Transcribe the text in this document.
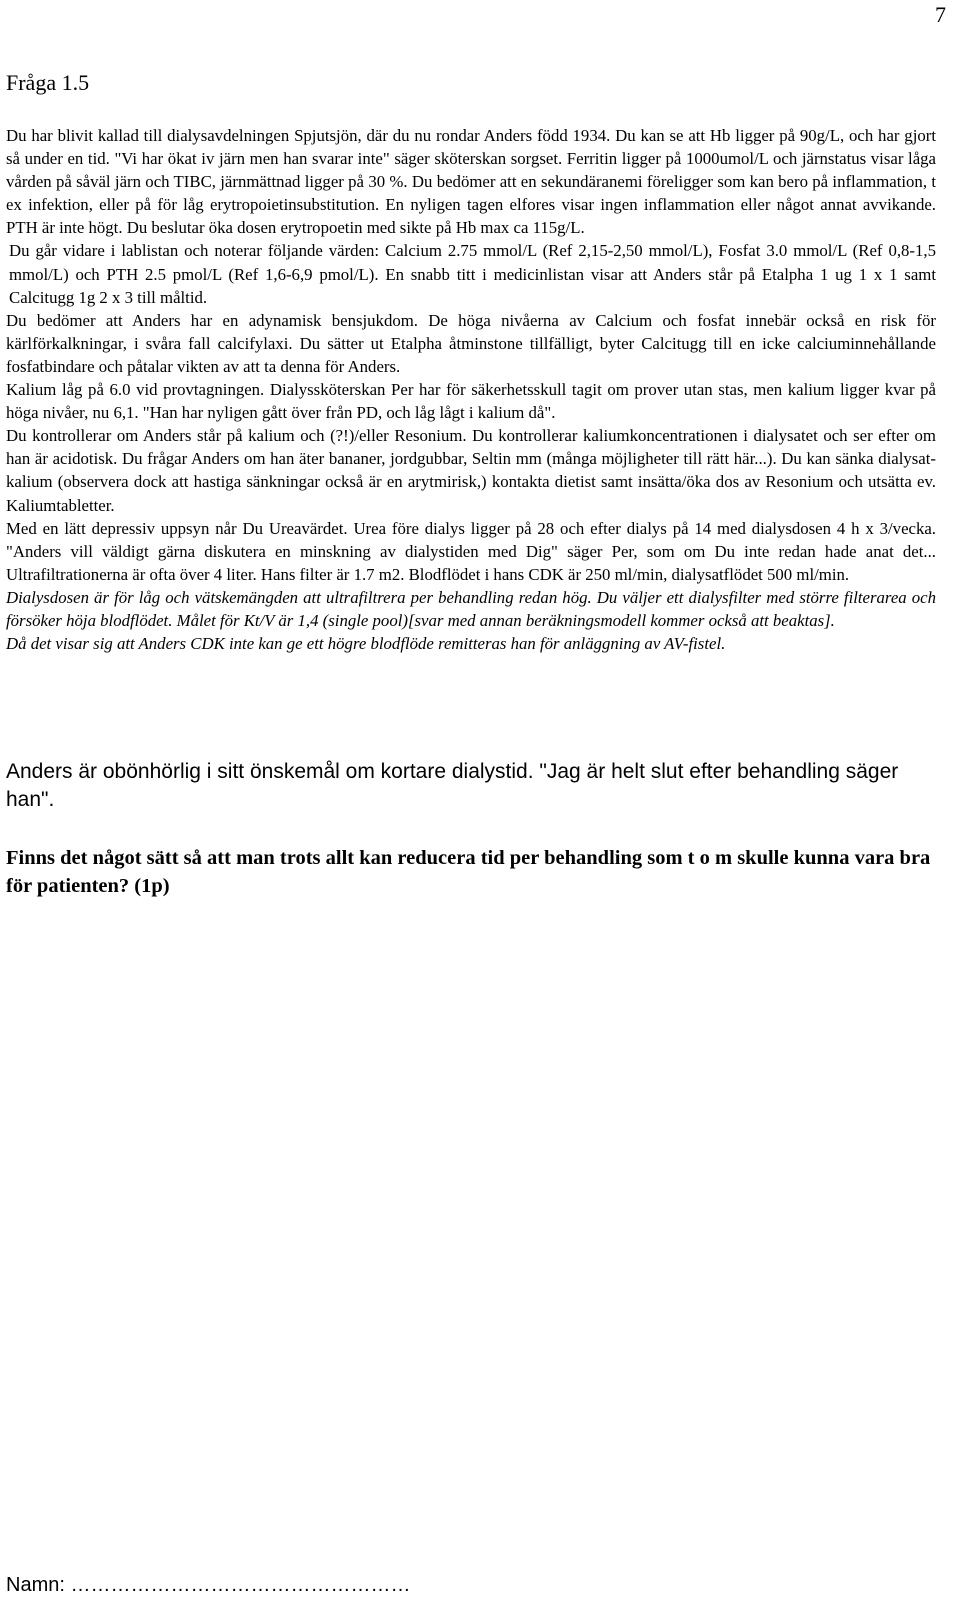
7
Fråga 1.5

Du har blivit kallad till dialysavdelningen Spjutsjön, där du nu rondar Anders född 1934. Du kan se att Hb ligger på 90g/L, och har gjort så under en tid. "Vi har ökat iv järn men han svarar inte" säger sköterskan sorgset. Ferritin ligger på 1000umol/L och järnstatus visar låga vården på såväl järn och TIBC, järnmättnad ligger på 30 %. Du bedömer att en sekundäranemi föreligger som kan bero på inflammation, t ex infektion, eller på för låg erytropoietinsubstitution. En nyligen tagen elfores visar ingen inflammation eller något annat avvikande. PTH är inte högt. Du beslutar öka dosen erytropoetin med sikte på Hb max ca 115g/L.

Du går vidare i lablistan och noterar följande värden: Calcium 2.75 mmol/L (Ref 2,15-2,50 mmol/L), Fosfat 3.0 mmol/L (Ref 0,8-1,5 mmol/L) och PTH 2.5 pmol/L (Ref 1,6-6,9 pmol/L). En snabb titt i medicinlistan visar att Anders står på Etalpha 1 ug 1 x 1 samt Calcitugg 1g 2 x 3 till måltid.

Du bedömer att Anders har en adynamisk bensjukdom. De höga nivåerna av Calcium och fosfat innebär också en risk för kärlförkalkningar, i svåra fall calcifylaxi. Du sätter ut Etalpha åtminstone tillfälligt, byter Calcitugg till en icke calciuminnehållande fosfatbindare och påtalar vikten av att ta denna för Anders.

Kalium låg på 6.0 vid provtagningen. Dialyssköterskan Per har för säkerhetsskull tagit om prover utan stas, men kalium ligger kvar på höga nivåer, nu 6,1. "Han har nyligen gått över från PD, och låg lågt i kalium då".

Du kontrollerar om Anders står på kalium och (?!)/eller Resonium. Du kontrollerar kaliumkoncentrationen i dialysatet och ser efter om han är acidotisk. Du frågar Anders om han äter bananer, jordgubbar, Seltin mm (många möjligheter till rätt här...). Du kan sänka dialysat-kalium (observera dock att hastiga sänkningar också är en arytmirisk,) kontakta dietist samt insätta/öka dos av Resonium och utsätta ev. Kaliumtabletter.

Med en lätt depressiv uppsyn når Du Ureavärdet. Urea före dialys ligger på 28 och efter dialys på 14 med dialysdosen 4 h x 3/vecka. "Anders vill väldigt gärna diskutera en minskning av dialystiden med Dig" säger Per, som om Du inte redan hade anat det... Ultrafiltrationerna är ofta över 4 liter. Hans filter är 1.7 m2. Blodflödet i hans CDK är 250 ml/min, dialysatflödet 500 ml/min.

Dialysdosen är för låg och vätskemängden att ultrafiltrera per behandling redan hög. Du väljer ett dialysfilter med större filterarea och försöker höja blodflödet. Målet för Kt/V är 1,4 (single pool)[svar med annan beräkningsmodell kommer också att beaktas].

Då det visar sig att Anders CDK inte kan ge ett högre blodflöde remitteras han för anläggning av AV-fistel.

Anders är obönhörlig i sitt önskemål om kortare dialystid. "Jag är helt slut efter behandling säger han".

Finns det något sätt så att man trots allt kan reducera tid per behandling som t o m skulle kunna vara bra för patienten? (1p)

Namn: ……………………………………………
